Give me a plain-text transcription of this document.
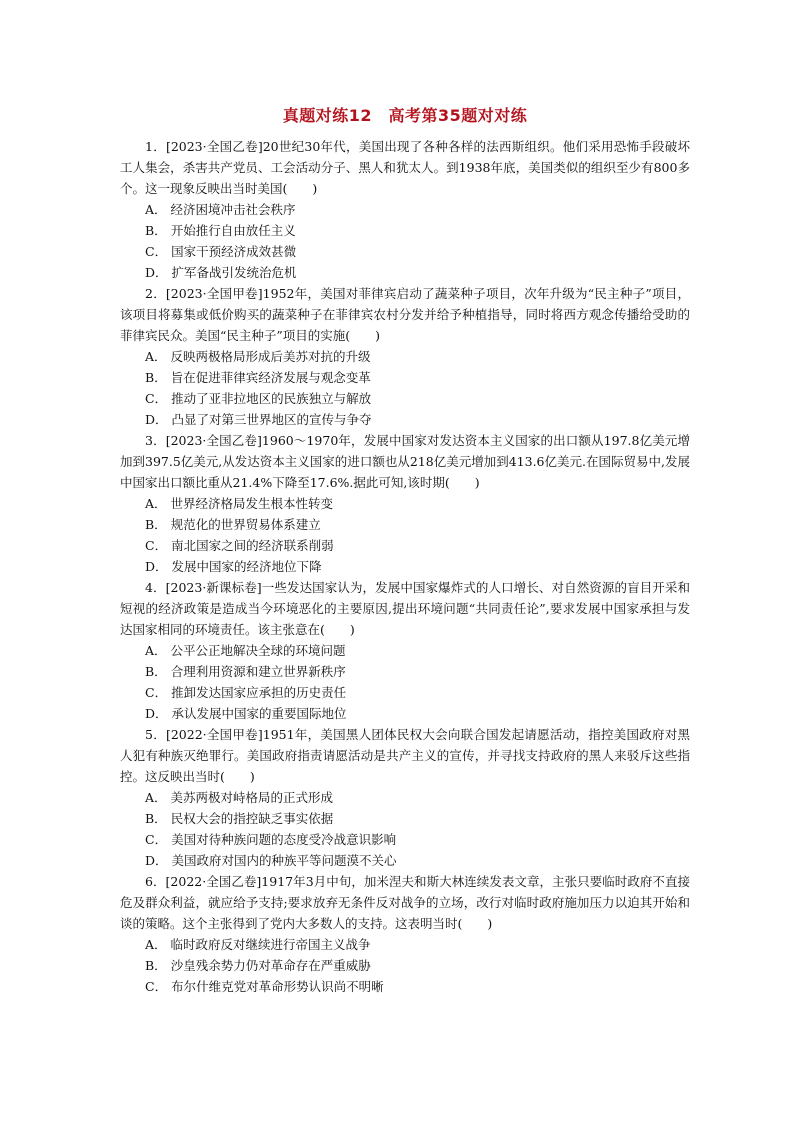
真题对练12　高考第35题对对练

1．[2023·全国乙卷]20世纪30年代，美国出现了各种各样的法西斯组织。他们采用恐怖手段破坏工人集会，杀害共产党员、工会活动分子、黑人和犹太人。到1938年底，美国类似的组织至少有800多个。这一现象反映出当时美国(　　)

A． 经济困境冲击社会秩序

B． 开始推行自由放任主义

C． 国家干预经济成效甚微

D． 扩军备战引发统治危机

2．[2023·全国甲卷]1952年，美国对菲律宾启动了蔬菜种子项目，次年升级为“民主种子”项目，该项目将募集或低价购买的蔬菜种子在菲律宾农村分发并给予种植指导，同时将西方观念传播给受助的菲律宾民众。美国“民主种子”项目的实施(　　)

A． 反映两极格局形成后美苏对抗的升级

B． 旨在促进菲律宾经济发展与观念变革

C． 推动了亚非拉地区的民族独立与解放

D． 凸显了对第三世界地区的宣传与争夺

3．[2023·全国乙卷]1960～1970年，发展中国家对发达资本主义国家的出口额从197.8亿美元增加到397.5亿美元,从发达资本主义国家的进口额也从218亿美元增加到413.6亿美元.在国际贸易中,发展中国家出口额比重从21.4%下降至17.6%.据此可知,该时期(　　)

A． 世界经济格局发生根本性转变

B． 规范化的世界贸易体系建立

C． 南北国家之间的经济联系削弱

D． 发展中国家的经济地位下降

4．[2023·新课标卷]一些发达国家认为，发展中国家爆炸式的人口增长、对自然资源的盲目开采和短视的经济政策是造成当今环境恶化的主要原因,提出环境问题“共同责任论”,要求发展中国家承担与发达国家相同的环境责任。该主张意在(　　)

A． 公平公正地解决全球的环境问题

B． 合理利用资源和建立世界新秩序

C． 推卸发达国家应承担的历史责任

D． 承认发展中国家的重要国际地位

5．[2022·全国甲卷]1951年，美国黑人团体民权大会向联合国发起请愿活动，指控美国政府对黑人犯有种族灭绝罪行。美国政府指责请愿活动是共产主义的宣传，并寻找支持政府的黑人来驳斥这些指控。这反映出当时(　　)

A． 美苏两极对峙格局的正式形成

B． 民权大会的指控缺乏事实依据

C． 美国对待种族问题的态度受冷战意识影响

D． 美国政府对国内的种族平等问题漠不关心

6．[2022·全国乙卷]1917年3月中旬，加米涅夫和斯大林连续发表文章，主张只要临时政府不直接危及群众利益，就应给予支持;要求放弃无条件反对战争的立场，改行对临时政府施加压力以迫其开始和谈的策略。这个主张得到了党内大多数人的支持。这表明当时(　　)

A． 临时政府反对继续进行帝国主义战争

B． 沙皇残余势力仍对革命存在严重威胁

C． 布尔什维克党对革命形势认识尚不明晰
